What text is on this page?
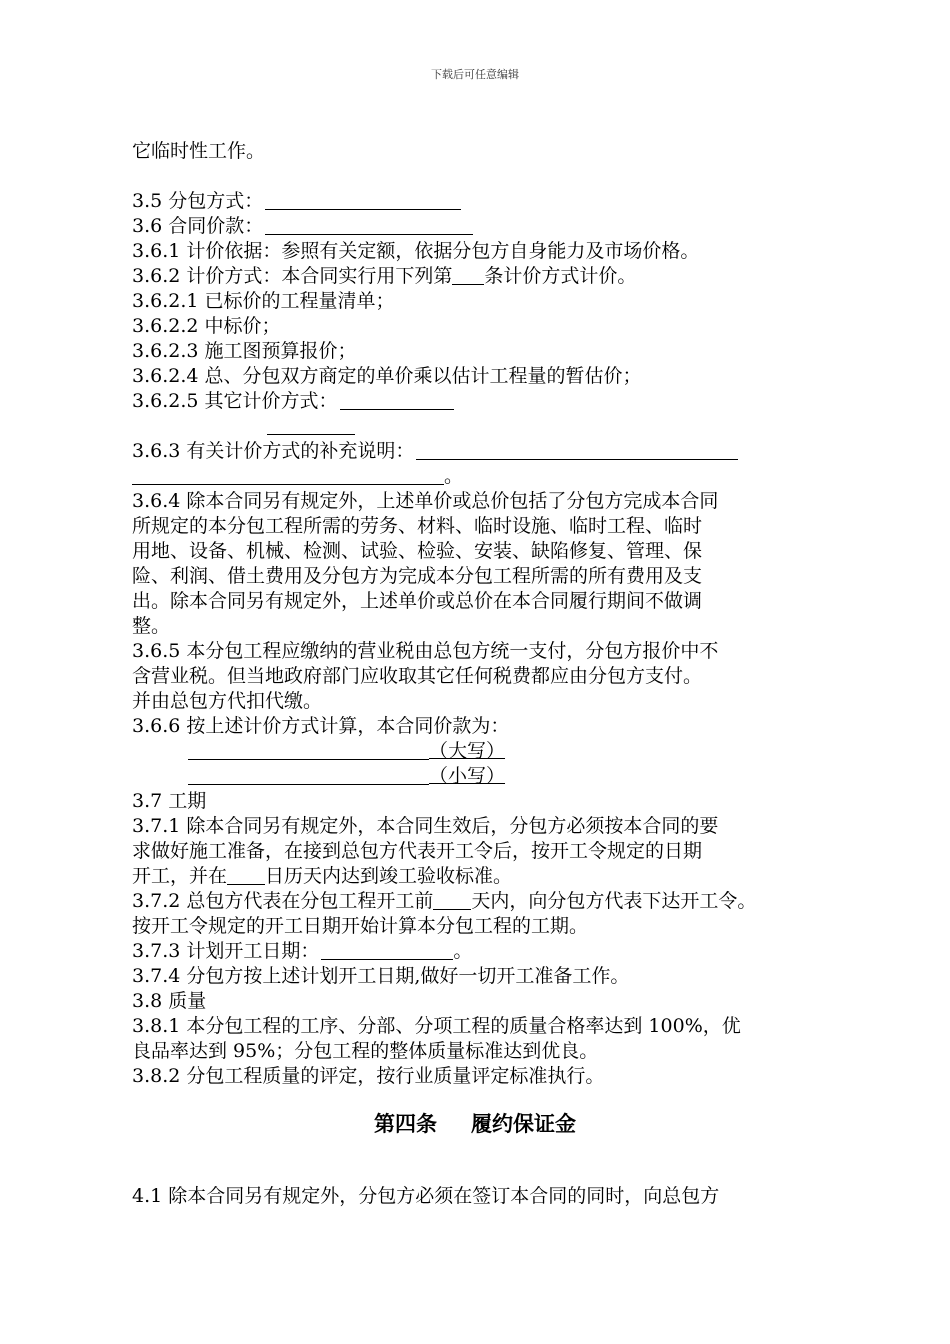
下载后可任意编辑
它临时性工作。
3.5 分包方式：
3.6 合同价款：
3.6.1 计价依据：参照有关定额，依据分包方自身能力及市场价格。
3.6.2 计价方式：本合同实行用下列第 条计价方式计价。
3.6.2.1 已标价的工程量清单；
3.6.2.2 中标价；
3.6.2.3 施工图预算报价；
3.6.2.4 总、分包双方商定的单价乘以估计工程量的暂估价；
3.6.2.5 其它计价方式：
3.6.3 有关计价方式的补充说明：
。
3.6.4 除本合同另有规定外，上述单价或总价包括了分包方完成本合同
所规定的本分包工程所需的劳务、材料、临时设施、临时工程、临时
用地、设备、机械、检测、试验、检验、安装、缺陷修复、管理、保
险、利润、借土费用及分包方为完成本分包工程所需的所有费用及支
出。除本合同另有规定外，上述单价或总价在本合同履行期间不做调
整。
3.6.5 本分包工程应缴纳的营业税由总包方统一支付，分包方报价中不
含营业税。但当地政府部门应收取其它任何税费都应由分包方支付。
并由总包方代扣代缴。
3.6.6 按上述计价方式计算，本合同价款为：
（大写）
（小写）
3.7 工期
3.7.1 除本合同另有规定外，本合同生效后，分包方必须按本合同的要
求做好施工准备，在接到总包方代表开工令后，按开工令规定的日期
开工，并在 日历天内达到竣工验收标准。
3.7.2 总包方代表在分包工程开工前 天内，向分包方代表下达开工令。
按开工令规定的开工日期开始计算本分包工程的工期。
3.7.3 计划开工日期：	。
3.7.4 分包方按上述计划开工日期,做好一切开工准备工作。
3.8 质量
3.8.1 本分包工程的工序、分部、分项工程的质量合格率达到 100%，优
良品率达到 95%；分包工程的整体质量标准达到优良。
3.8.2 分包工程质量的评定，按行业质量评定标准执行。
第四条 履约保证金
4.1 除本合同另有规定外，分包方必须在签订本合同的同时，向总包方
